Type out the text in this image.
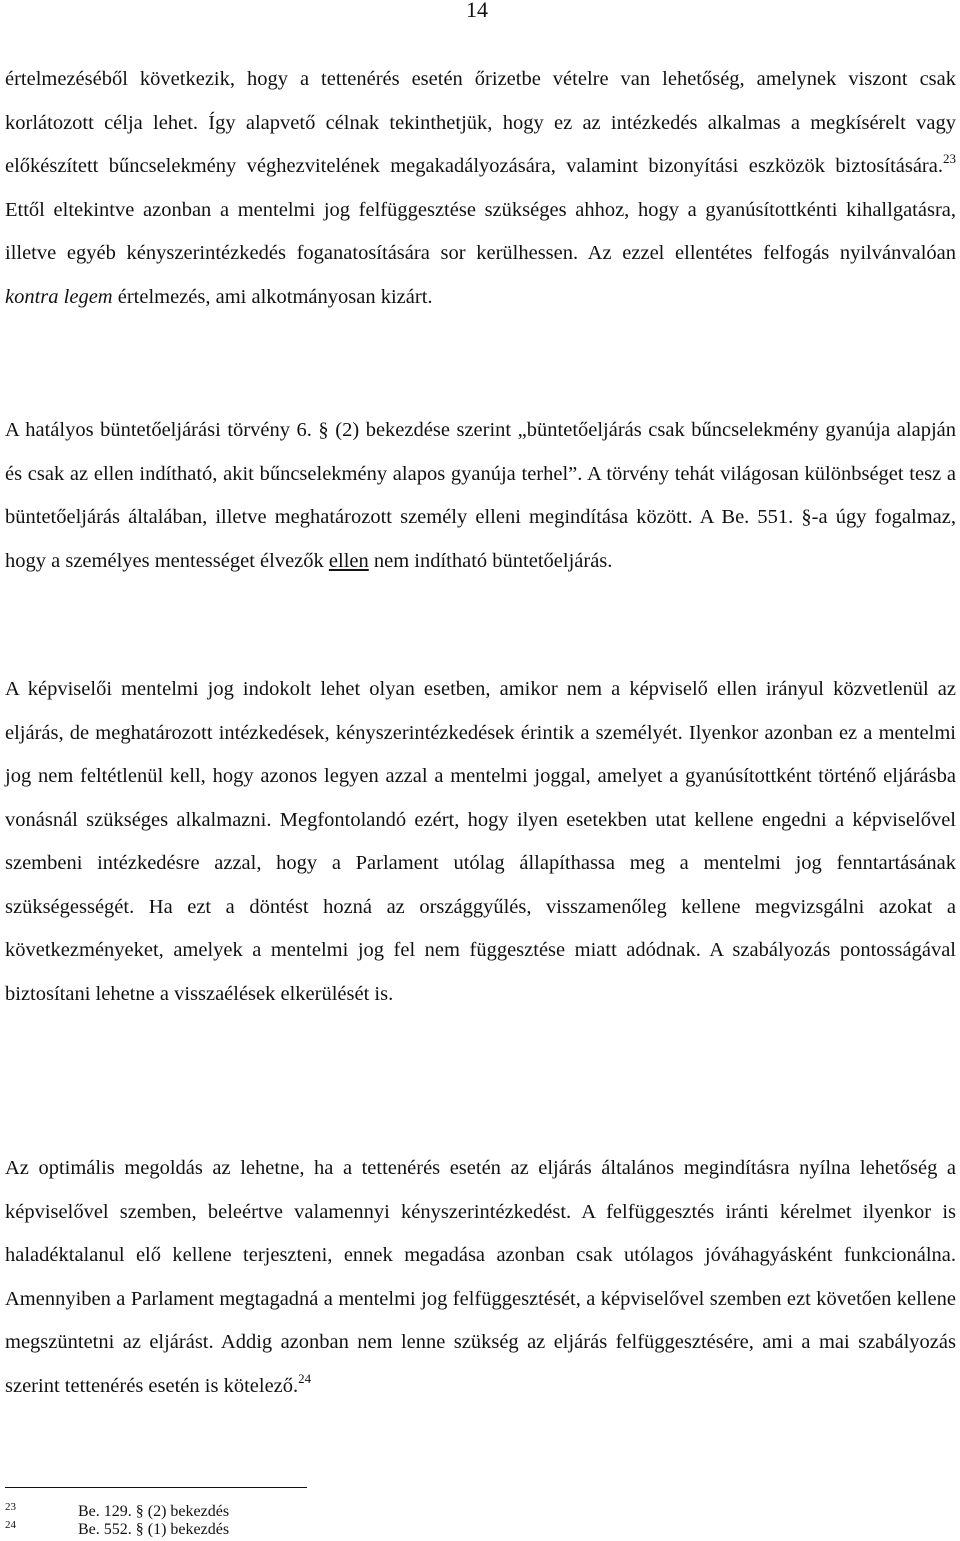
14

értelmezéséből következik, hogy a tettenérés esetén őrizetbe vételre van lehetőség, amelynek viszont csak korlátozott célja lehet. Így alapvető célnak tekinthetjük, hogy ez az intézkedés alkalmas a megkísérelt vagy előkészített bűncselekmény véghezvitelének megakadályozására, valamint bizonyítási eszközök biztosítására.$^{23}$ Ettől eltekintve azonban a mentelmi jog felfüggesztése szükséges ahhoz, hogy a gyanúsítottkénti kihallgatásra, illetve egyéb kényszerintézkedés foganatosítására sor kerülhessen. Az ezzel ellentétes felfogás nyilvánvalóan kontra legem értelmezés, ami alkotmányosan kizárt.

A hatályos büntetőeljárási törvény 6. § (2) bekezdése szerint „büntetőeljárás csak bűncselekmény gyanúja alapján és csak az ellen indítható, akit bűncselekmény alapos gyanúja terhel”. A törvény tehát világosan különbséget tesz a büntetőeljárás általában, illetve meghatározott személy elleni megindítása között. A Be. 551. §-a úgy fogalmaz, hogy a személyes mentességet élvezők ellen nem indítható büntetőeljárás.

A képviselői mentelmi jog indokolt lehet olyan esetben, amikor nem a képviselő ellen irányul közvetlenül az eljárás, de meghatározott intézkedések, kényszerintézkedések érintik a személyét. Ilyenkor azonban ez a mentelmi jog nem feltétlenül kell, hogy azonos legyen azzal a mentelmi joggal, amelyet a gyanúsítottként történő eljárásba vonásnál szükséges alkalmazni. Megfontolandó ezért, hogy ilyen esetekben utat kellene engedni a képviselővel szembeni intézkedésre azzal, hogy a Parlament utólag állapíthassa meg a mentelmi jog fenntartásának szükségességét. Ha ezt a döntést hozná az országgyűlés, visszamenőleg kellene megvizsgálni azokat a következményeket, amelyek a mentelmi jog fel nem függesztése miatt adódnak. A szabályozás pontosságával biztosítani lehetne a visszaélések elkerülését is.

Az optimális megoldás az lehetne, ha a tettenérés esetén az eljárás általános megindításra nyílna lehetőség a képviselővel szemben, beleértve valamennyi kényszerintézkedést. A felfüggesztés iránti kérelmet ilyenkor is haladéktalanul elő kellene terjeszteni, ennek megadása azonban csak utólagos jóváhagyásként funkcionálna. Amennyiben a Parlament megtagadná a mentelmi jog felfüggesztését, a képviselővel szemben ezt követően kellene megszüntetni az eljárást. Addig azonban nem lenne szükség az eljárás felfüggesztésére, ami a mai szabályozás szerint tettenérés esetén is kötelező.$^{24}$

23	Be. 129. § (2) bekezdés
24	Be. 552. § (1) bekezdés
